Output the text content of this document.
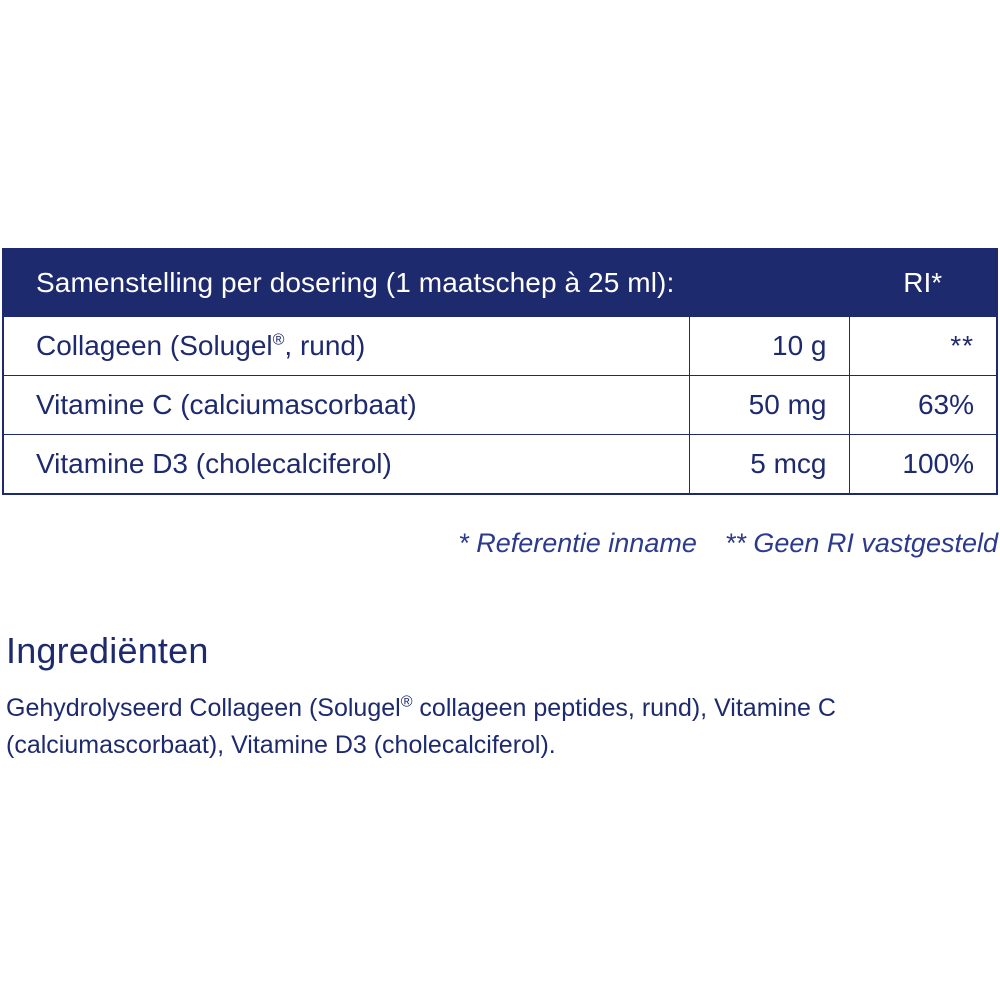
Samenstelling per dosering (1 maatschep à 25 ml):		RI*
Collageen (Solugel®, rund)	10 g	**
Vitamine C (calciumascorbaat)	50 mg	63%
Vitamine D3 (cholecalciferol)	5 mcg	100%
* Referentie inname ** Geen RI vastgesteld
Ingrediënten

Gehydrolyseerd Collageen (Solugel® collageen peptides, rund), Vitamine C (calciumascorbaat), Vitamine D3 (cholecalciferol).
